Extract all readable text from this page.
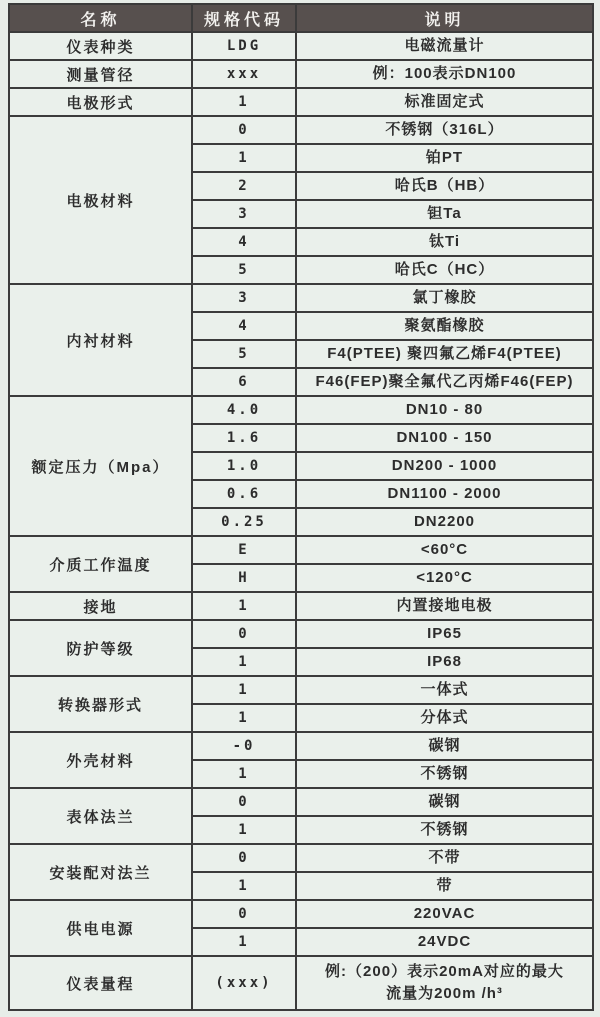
名称	规格代码	说明
仪表种类	LDG	电磁流量计
测量管径	xxx	例：100表示DN100
电极形式	1	标准固定式
电极材料	0	不锈钢（316L）
	1	铂PT
	2	哈氏B（HB）
	3	钽Ta
	4	钛Ti
	5	哈氏C（HC）
内衬材料	3	氯丁橡胶
	4	聚氨酯橡胶
	5	F4(PTEE) 聚四氟乙烯F4(PTEE)
	6	F46(FEP)聚全氟代乙丙烯F46(FEP)
额定压力（Mpa）	4.0	DN10 - 80
	1.6	DN100 - 150
	1.0	DN200 - 1000
	0.6	DN1100 - 2000
	0.25	DN2200
介质工作温度	E	<60°C
	H	<120°C
接地	1	内置接地电极
防护等级	0	IP65
	1	IP68
转换器形式	1	一体式
	1	分体式
外壳材料	-0	碳钢
	1	不锈钢
表体法兰	0	碳钢
	1	不锈钢
安装配对法兰	0	不带
	1	带
供电电源	0	220VAC
	1	24VDC
仪表量程	(xxx)	例:（200）表示20mA对应的最大
流量为200m /h³
